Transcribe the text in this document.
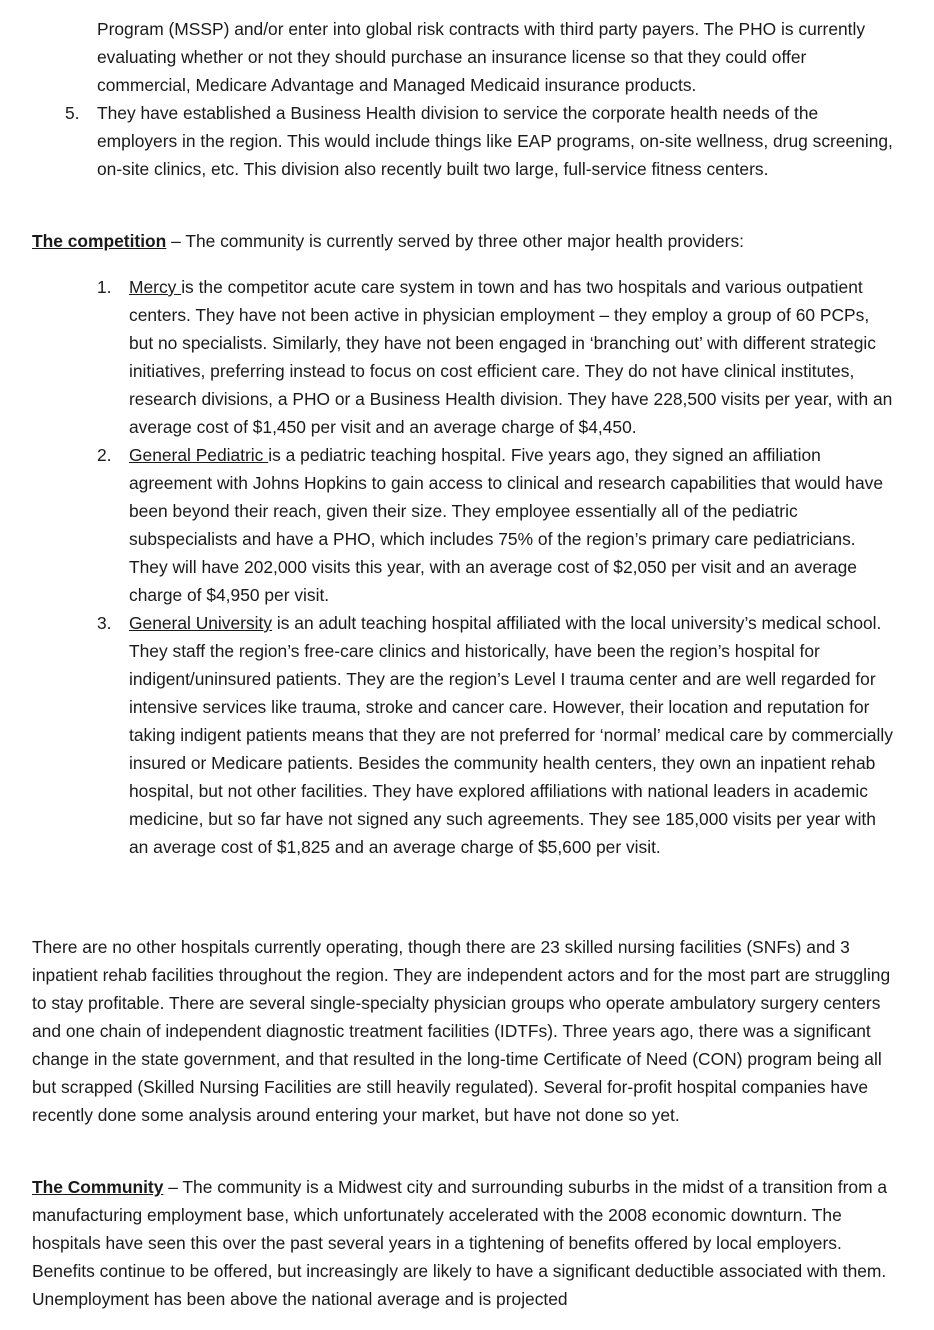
Program (MSSP) and/or enter into global risk contracts with third party payers. The PHO is currently evaluating whether or not they should purchase an insurance license so that they could offer commercial, Medicare Advantage and Managed Medicaid insurance products.

5.	They have established a Business Health division to service the corporate health needs of the employers in the region. This would include things like EAP programs, on-site wellness, drug screening, on-site clinics, etc. This division also recently built two large, full-service fitness centers.

The competition – The community is currently served by three other major health providers:

1.	Mercy is the competitor acute care system in town and has two hospitals and various outpatient centers. They have not been active in physician employment – they employ a group of 60 PCPs, but no specialists. Similarly, they have not been engaged in ‘branching out’ with different strategic initiatives, preferring instead to focus on cost efficient care. They do not have clinical institutes, research divisions, a PHO or a Business Health division. They have 228,500 visits per year, with an average cost of $1,450 per visit and an average charge of $4,450.

2.	General Pediatric is a pediatric teaching hospital. Five years ago, they signed an affiliation agreement with Johns Hopkins to gain access to clinical and research capabilities that would have been beyond their reach, given their size. They employee essentially all of the pediatric subspecialists and have a PHO, which includes 75% of the region’s primary care pediatricians. They will have 202,000 visits this year, with an average cost of $2,050 per visit and an average charge of $4,950 per visit.

3.	General University is an adult teaching hospital affiliated with the local university’s medical school. They staff the region’s free-care clinics and historically, have been the region’s hospital for indigent/uninsured patients. They are the region’s Level I trauma center and are well regarded for intensive services like trauma, stroke and cancer care. However, their location and reputation for taking indigent patients means that they are not preferred for ‘normal’ medical care by commercially insured or Medicare patients. Besides the community health centers, they own an inpatient rehab hospital, but not other facilities. They have explored affiliations with national leaders in academic medicine, but so far have not signed any such agreements. They see 185,000 visits per year with an average cost of $1,825 and an average charge of $5,600 per visit.

There are no other hospitals currently operating, though there are 23 skilled nursing facilities (SNFs) and 3 inpatient rehab facilities throughout the region. They are independent actors and for the most part are struggling to stay profitable. There are several single-specialty physician groups who operate ambulatory surgery centers and one chain of independent diagnostic treatment facilities (IDTFs). Three years ago, there was a significant change in the state government, and that resulted in the long-time Certificate of Need (CON) program being all but scrapped (Skilled Nursing Facilities are still heavily regulated). Several for-profit hospital companies have recently done some analysis around entering your market, but have not done so yet.

The Community – The community is a Midwest city and surrounding suburbs in the midst of a transition from a manufacturing employment base, which unfortunately accelerated with the 2008 economic downturn. The hospitals have seen this over the past several years in a tightening of benefits offered by local employers. Benefits continue to be offered, but increasingly are likely to have a significant deductible associated with them. Unemployment has been above the national average and is projected
